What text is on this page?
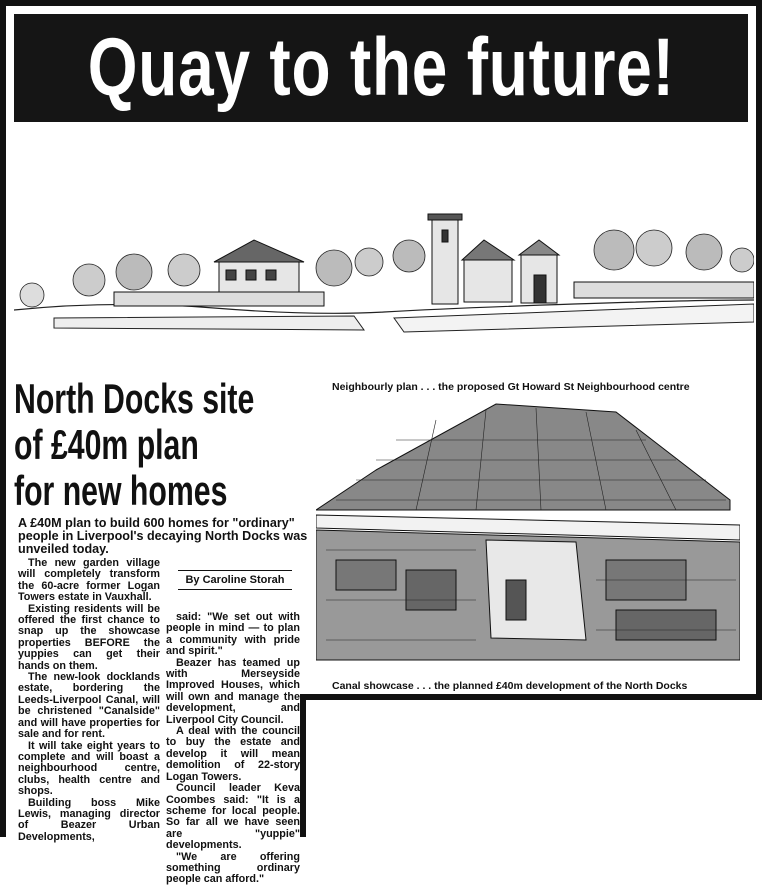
Quay to the future!
Neighbourly plan . . . the proposed Gt Howard St Neighbourhood centre
Canal showcase . . . the planned £40m development of the North Docks
North Docks site
of £40m plan
for new homes
A £40M plan to build 600 homes for "ordinary" people in Liverpool's decaying North Docks was unveiled today.

The new garden village will completely transform the 60-acre former Logan Towers estate in Vauxhall.

Existing residents will be offered the first chance to snap up the showcase properties BEFORE the yuppies can get their hands on them.

The new-look docklands estate, bordering the Leeds-Liverpool Canal, will be christened "Canalside" and will have properties for sale and for rent.

It will take eight years to complete and will boast a neighbourhood centre, clubs, health centre and shops.

Building boss Mike Lewis, managing director of Beazer Urban Developments,

By Caroline Storah

said: "We set out with people in mind — to plan a community with pride and spirit."

Beazer has teamed up with Merseyside Improved Houses, which will own and manage the development, and Liverpool City Council.

A deal with the council to buy the estate and develop it will mean demolition of 22-story Logan Towers.

Council leader Keva Coombes said: "It is a scheme for local people. So far all we have seen are "yuppie" developments.

"We are offering something ordinary people can afford."
